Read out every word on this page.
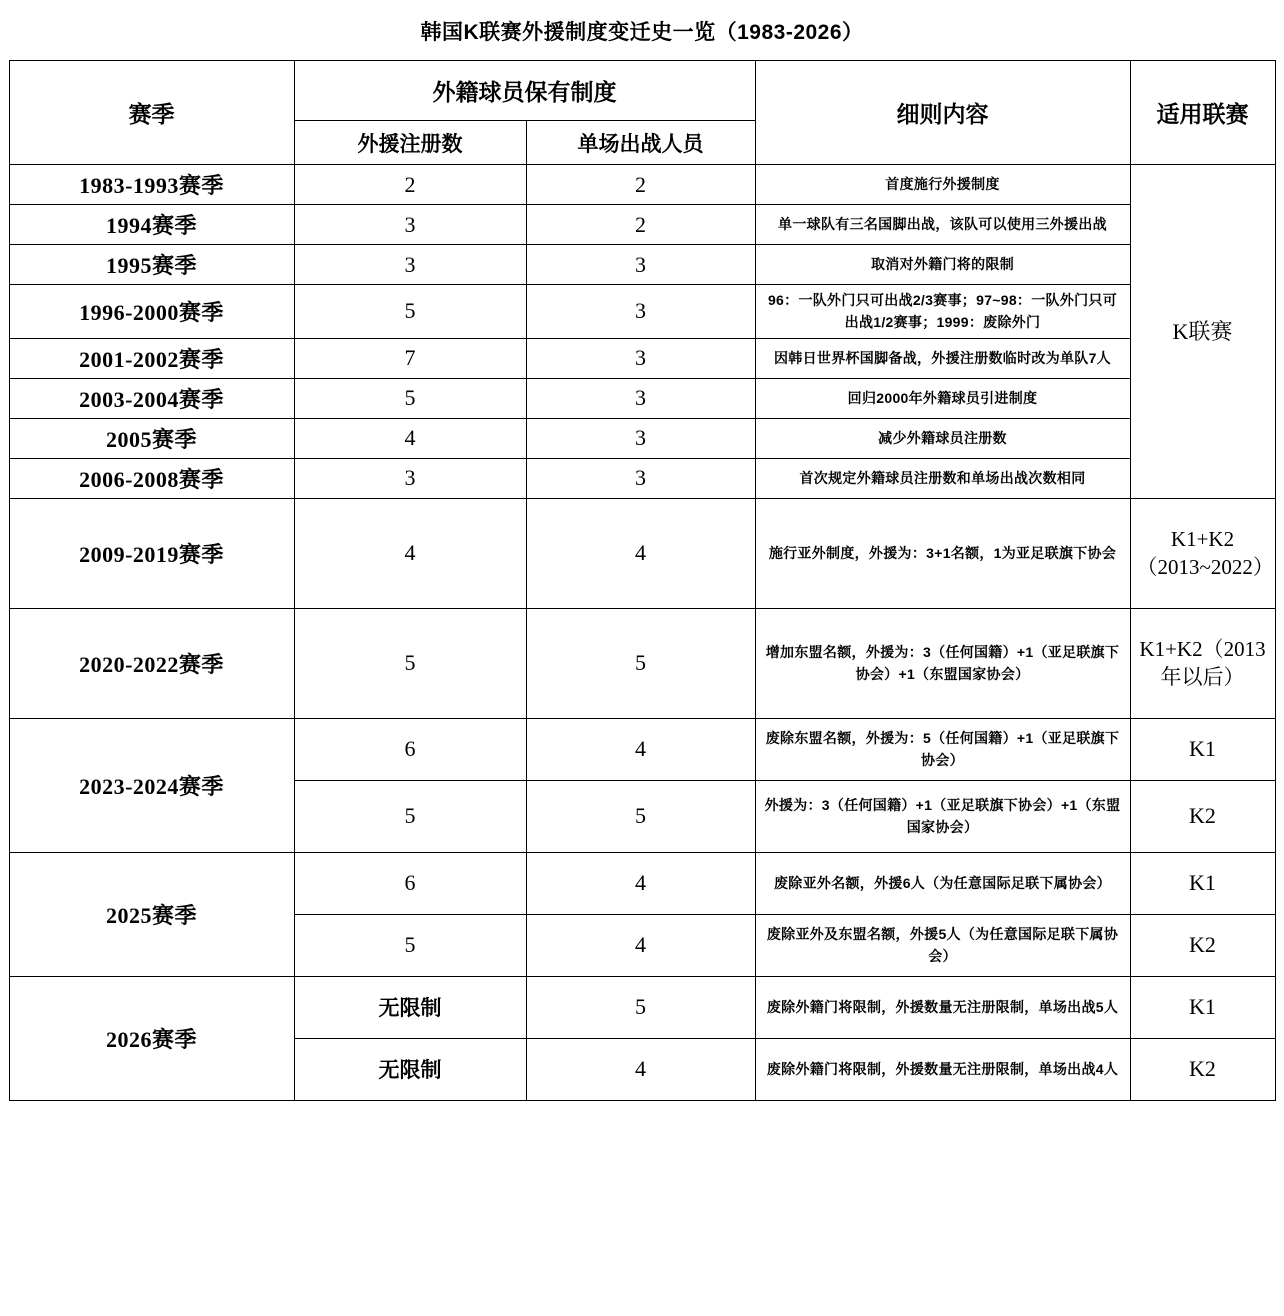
韩国K联赛外援制度变迁史一览（1983-2026）
赛季	外籍球员保有制度		细则内容	适用联赛
	外援注册数	单场出战人员		
1983-1993赛季	2	2	首度施行外援制度	K联赛
1994赛季	3	2	单一球队有三名国脚出战，该队可以使用三外援出战	
1995赛季	3	3	取消对外籍门将的限制	
1996-2000赛季	5	3	96：一队外门只可出战2/3赛事；97~98：一队外门只可出战1/2赛事；1999：废除外门	
2001-2002赛季	7	3	因韩日世界杯国脚备战，外援注册数临时改为单队7人	
2003-2004赛季	5	3	回归2000年外籍球员引进制度	
2005赛季	4	3	减少外籍球员注册数	
2006-2008赛季	3	3	首次规定外籍球员注册数和单场出战次数相同	
2009-2019赛季	4	4	施行亚外制度，外援为：3+1名额，1为亚足联旗下协会	K1+K2（2013~2022）
2020-2022赛季	5	5	增加东盟名额，外援为：3（任何国籍）+1（亚足联旗下协会）+1（东盟国家协会）	K1+K2（2013年以后）
2023-2024赛季	6	4	废除东盟名额，外援为：5（任何国籍）+1（亚足联旗下协会）	K1
	5	5	外援为：3（任何国籍）+1（亚足联旗下协会）+1（东盟国家协会）	K2
2025赛季	6	4	废除亚外名额，外援6人（为任意国际足联下属协会）	K1
	5	4	废除亚外及东盟名额，外援5人（为任意国际足联下属协会）	K2
2026赛季	无限制	5	废除外籍门将限制，外援数量无注册限制，单场出战5人	K1
	无限制	4	废除外籍门将限制，外援数量无注册限制，单场出战4人	K2
